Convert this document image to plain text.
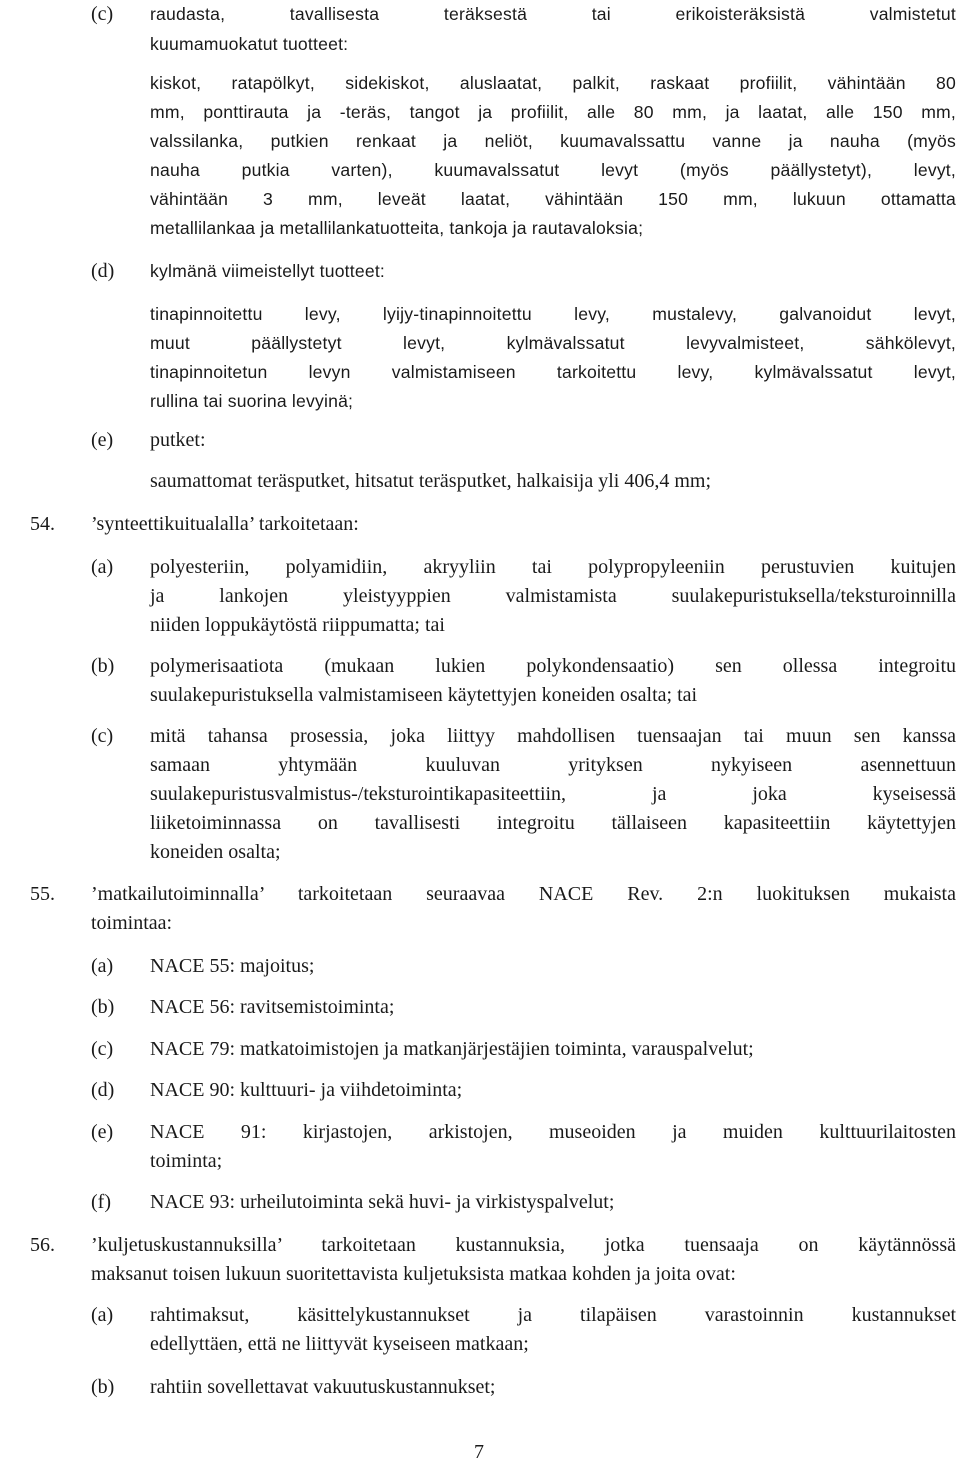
(c) raudasta, tavallisesta teräksestä tai erikoisteräksistä valmistetut

kuumamuokatut tuotteet:

kiskot, ratapölkyt, sidekiskot, aluslaatat, palkit, raskaat profiilit, vähintään 80

mm, ponttirauta ja -teräs, tangot ja profiilit, alle 80 mm, ja laatat, alle 150 mm,

valssilanka, putkien renkaat ja neliöt, kuumavalssattu vanne ja nauha (myös

nauha putkia varten), kuumavalssatut levyt (myös päällystetyt), levyt,

vähintään 3 mm, leveät laatat, vähintään 150 mm, lukuun ottamatta

metallilankaa ja metallilankatuotteita, tankoja ja rautavaloksia;

(d) kylmänä viimeistellyt tuotteet:

tinapinnoitettu levy, lyijy-tinapinnoitettu levy, mustalevy, galvanoidut levyt,

muut päällystetyt levyt, kylmävalssatut levyvalmisteet, sähkölevyt,

tinapinnoitetun levyn valmistamiseen tarkoitettu levy, kylmävalssatut levyt,

rullina tai suorina levyinä;

(e) putket:

saumattomat teräsputket, hitsatut teräsputket, halkaisija yli 406,4 mm;

54. ’synteettikuitualalla’ tarkoitetaan:

(a) polyesteriin, polyamidiin, akryyliin tai polypropyleeniin perustuvien kuitujen

ja lankojen yleistyyppien valmistamista suulakepuristuksella/teksturoinnilla

niiden loppukäytöstä riippumatta; tai

(b) polymerisaatiota (mukaan lukien polykondensaatio) sen ollessa integroitu

suulakepuristuksella valmistamiseen käytettyjen koneiden osalta; tai

(c) mitä tahansa prosessia, joka liittyy mahdollisen tuensaajan tai muun sen kanssa

samaan yhtymään kuuluvan yrityksen nykyiseen asennettuun

suulakepuristusvalmistus-/teksturointikapasiteettiin, ja joka kyseisessä

liiketoiminnassa on tavallisesti integroitu tällaiseen kapasiteettiin käytettyjen

koneiden osalta;

55. ’matkailutoiminnalla’ tarkoitetaan seuraavaa NACE Rev. 2:n luokituksen mukaista

toimintaa:

(a) NACE 55: majoitus;

(b) NACE 56: ravitsemistoiminta;

(c) NACE 79: matkatoimistojen ja matkanjärjestäjien toiminta, varauspalvelut;

(d) NACE 90: kulttuuri- ja viihdetoiminta;

(e) NACE 91: kirjastojen, arkistojen, museoiden ja muiden kulttuurilaitosten

toiminta;

(f) NACE 93: urheilutoiminta sekä huvi- ja virkistyspalvelut;

56. ’kuljetuskustannuksilla’ tarkoitetaan kustannuksia, jotka tuensaaja on käytännössä

maksanut toisen lukuun suoritettavista kuljetuksista matkaa kohden ja joita ovat:

(a) rahtimaksut, käsittelykustannukset ja tilapäisen varastoinnin kustannukset

edellyttäen, että ne liittyvät kyseiseen matkaan;

(b) rahtiin sovellettavat vakuutuskustannukset;

7
